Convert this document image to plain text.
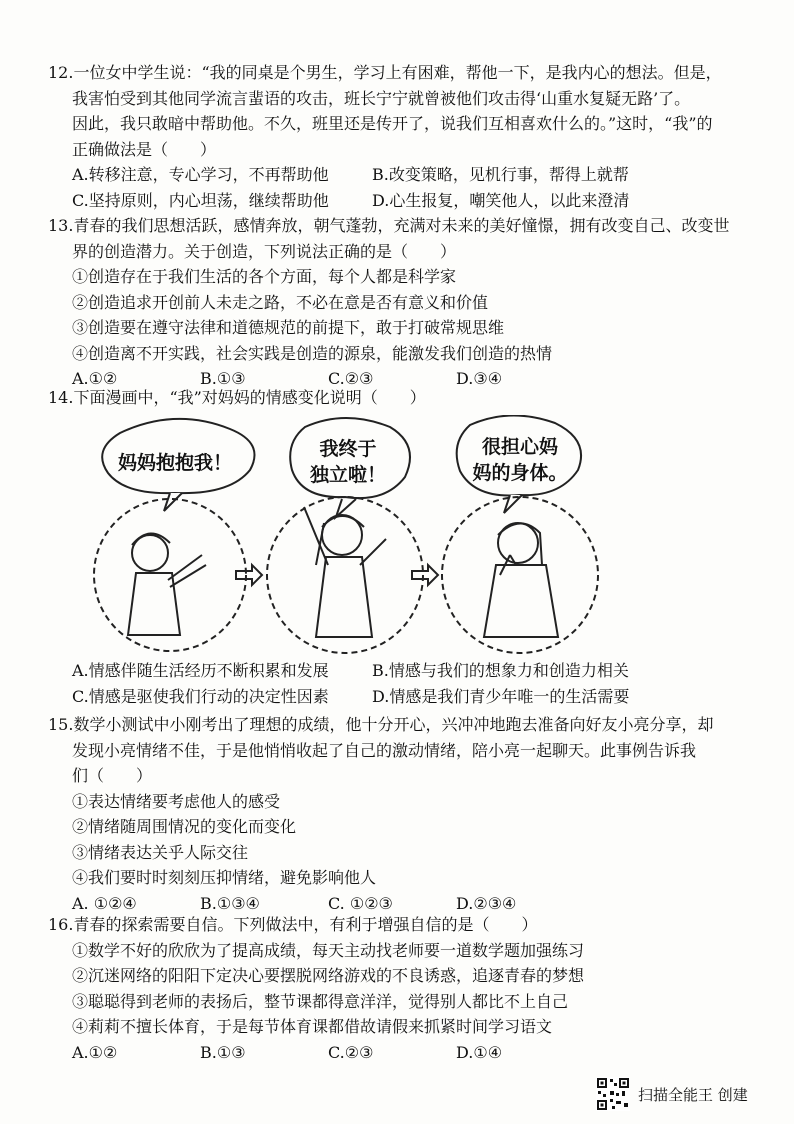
12.一位女中学生说：“我的同桌是个男生，学习上有困难，帮他一下，是我内心的想法。但是，

我害怕受到其他同学流言蜚语的攻击，班长宁宁就曾被他们攻击得‘山重水复疑无路’了。

因此，我只敢暗中帮助他。不久，班里还是传开了，说我们互相喜欢什么的。”这时，“我”的

正确做法是（　　）

A.转移注意，专心学习，不再帮助他	B.改变策略，见机行事，帮得上就帮
C.坚持原则，内心坦荡，继续帮助他	D.心生报复，嘲笑他人，以此来澄清

13.青春的我们思想活跃，感情奔放，朝气蓬勃，充满对未来的美好憧憬，拥有改变自己、改变世

界的创造潜力。关于创造，下列说法正确的是（　　）

①创造存在于我们生活的各个方面，每个人都是科学家

②创造追求开创前人未走之路，不必在意是否有意义和价值

③创造要在遵守法律和道德规范的前提下，敢于打破常规思维

④创造离不开实践，社会实践是创造的源泉，能激发我们创造的热情

A.①②	B.①③	C.②③	D.③④

14.下面漫画中，“我”对妈妈的情感变化说明（　　）

妈妈抱抱我！
我终于
独立啦！
很担心妈
妈的身体。
A.情感伴随生活经历不断积累和发展	B.情感与我们的想象力和创造力相关
C.情感是驱使我们行动的决定性因素	D.情感是我们青少年唯一的生活需要

15.数学小测试中小刚考出了理想的成绩，他十分开心，兴冲冲地跑去准备向好友小亮分享，却

发现小亮情绪不佳，于是他悄悄收起了自己的激动情绪，陪小亮一起聊天。此事例告诉我

们（　　）

①表达情绪要考虑他人的感受

②情绪随周围情况的变化而变化

③情绪表达关乎人际交往

④我们要时时刻刻压抑情绪，避免影响他人

A. ①②④	B.①③④	C. ①②③	D.②③④

16.青春的探索需要自信。下列做法中，有利于增强自信的是（　　）

①数学不好的欣欣为了提高成绩，每天主动找老师要一道数学题加强练习

②沉迷网络的阳阳下定决心要摆脱网络游戏的不良诱惑，追逐青春的梦想

③聪聪得到老师的表扬后，整节课都得意洋洋，觉得别人都比不上自己

④莉莉不擅长体育，于是每节体育课都借故请假来抓紧时间学习语文

A.①②	B.①③	C.②③	D.①④
扫描全能王 创建
